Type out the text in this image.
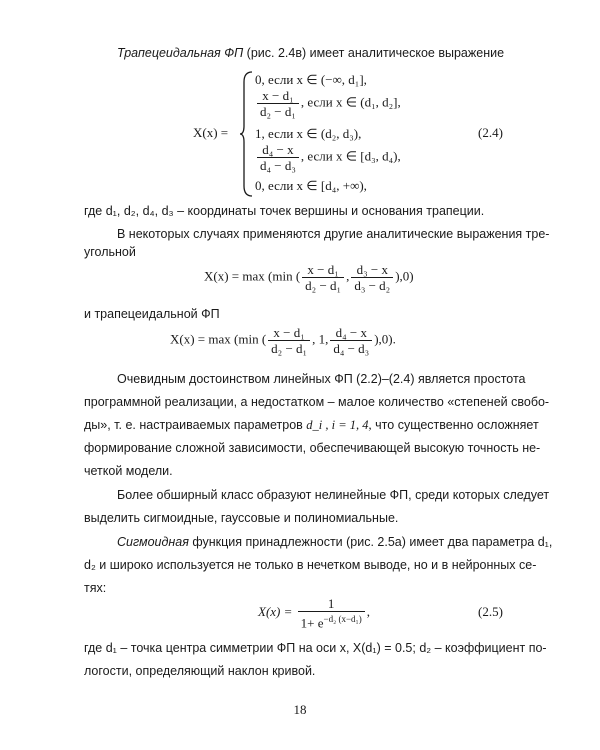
Трапецеидальная ФП (рис. 2.4в) имеет аналитическое выражение
X(x) =
0, если x ∈ (−∞, d₁],
$\frac{\text{x − d₁}}{\text{d₂ − d₁}}$ , если x ∈ (d₁, d₂],
1, если x ∈ (d₂, d₃),
$\frac{\text{d₄ − x}}{\text{d₄ − d₃}}$ , если x ∈ [d₃, d₄),
0, если x ∈ [d₄, +∞),
(2.4)
где d₁, d₂, d₄, d₃ – координаты точек вершины и основания трапеции.
В некоторых случаях применяются другие аналитические выражения тре-
угольной
X(x) = max (min ( $\frac{\text{x − d₁}}{\text{d₂ − d₁}}$ , $\frac{\text{d₃ − x}}{\text{d₃ − d₂}} ),0$)
и трапецеидальной ФП
X(x) = max (min ( $\frac{\text{x − d₁}}{\text{d₂ − d₁}}$ , 1, $\frac{\text{d₄ − x}}{\text{d₄ − d₃}} ),0$).
Очевидным достоинством линейных ФП (2.2)–(2.4) является простота
программной реализации, а недостатком – малое количество «степеней свобо-
ды», т. е. настраиваемых параметров d_i , i = 1, 4, что существенно осложняет
формирование сложной зависимости, обеспечивающей высокую точность не-
четкой модели.
Более обширный класс образуют нелинейные ФП, среди которых следует
выделить сигмоидные, гауссовые и полиномиальные.
Сигмоидная функция принадлежности (рис. 2.5а) имеет два параметра d₁,
d₂ и широко используется не только в нечетком выводе, но и в нейронных се-
тях:
$X(x) = \frac{1}{1+ e^{-d_2 (x-d_1)}}$ ,	(2.5)
где d₁ – точка центра симметрии ФП на оси x, X(d₁) = 0.5; d₂ – коэффициент по-
логости, определяющий наклон кривой.
18
